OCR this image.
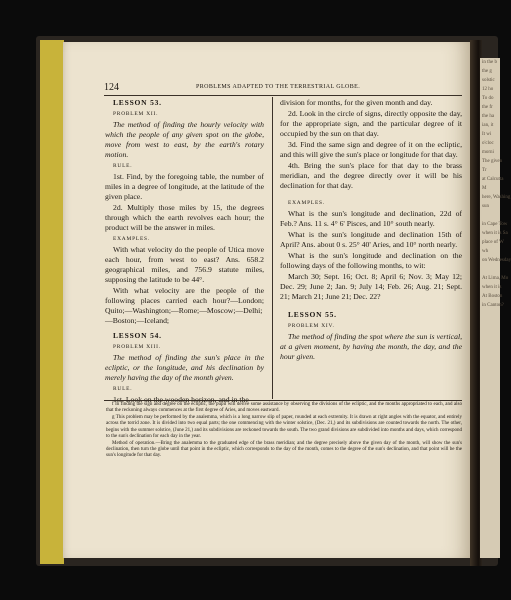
in the b
the g
solstic
12 ho
To do
the fr
the ha
ian, it
It wi
o'cloc
morni
The given
Tr
at Calcutta
M
here, Washing
sun

in Cape Tow
when it is Sa
place of W
wh
on Wednesday

At Lima, Mo
when it is
At Boston
in Canton?
124	PROBLEMS ADAPTED TO THE TERRESTRIAL GLOBE.

LESSON 53.

PROBLEM XII.

The method of finding the hourly velocity with which the people of any given spot on the globe, move from west to east, by the earth's rotary motion.

RULE.

1st. Find, by the foregoing table, the number of miles in a degree of longitude, at the latitude of the given place.

2d. Multiply those miles by 15, the degrees through which the earth revolves each hour; the product will be the answer in miles.

EXAMPLES.

With what velocity do the people of Utica move each hour, from west to east? Ans. 658.2 geographical miles, and 756.9 statute miles, supposing the latitude to be 44°.

With what velocity are the people of the following places carried each hour?—London; Quito;—Washington;—Rome;—Moscow;—Delhi;—Boston;—Iceland;

LESSON 54.

PROBLEM XIII.

The method of finding the sun's place in the ecliptic, or the longitude, and his declination by merely having the day of the month given.

RULE.

1st. Look on the wooden horizon, and in the

division for months, for the given month and day.

2d. Look in the circle of signs, directly opposite the day, for the appropriate sign, and the particular degree of it occupied by the sun on that day.

3d. Find the same sign and degree of it on the ecliptic, and this will give the sun's place or longitude for that day.

4th. Bring the sun's place for that day to the brass meridian, and the degree directly over it will be his declination for that day.

EXAMPLES.

What is the sun's longitude and declination, 22d of Feb.? Ans. 11 s. 4° 6' Pisces, and 10° south nearly.

What is the sun's longitude and declination 15th of April? Ans. about 0 s. 25° 40' Aries, and 10° north nearly.

What is the sun's longitude and declination on the following days of the following months, to wit:

March 30; Sept. 16; Oct. 8; April 6; Nov. 3; May 12; Dec. 29; June 2; Jan. 9; July 14; Feb. 26; Aug. 21; Sept. 21; March 21; June 21; Dec. 22?

LESSON 55.

PROBLEM XIV.

The method of finding the spot where the sun is vertical, at a given moment, by having the month, the day, and the hour given.

f In finding the sign and degree on the ecliptic, the pupil will derive some assistance by observing the divisions of the ecliptic, and the months appropriated to each, and also that the reckoning always commences at the first degree of Aries, and moves eastward.

g This problem may be performed by the analemma, which is a long narrow slip of paper, rounded at each extremity. It is drawn at right angles with the equator, and entirely across the torrid zone. It is divided into two equal parts; the one commencing with the winter solstice, (Dec. 21,) and its subdivisions are counted towards the north. The other, begins with the summer solstice, (June 21,) and its subdivisions are reckoned towards the south. The two grand divisions are subdivided into months and days, which correspond to the sun's declination for each day in the year.

Method of operation.—Bring the analemma to the graduated edge of the brass meridian; and the degree precisely above the given day of the month, will show the sun's declination, then turn the globe until that point in the ecliptic, which corresponds to the day of the month, comes to the degree of the sun's declination, and that point will be the sun's longitude for that day.
